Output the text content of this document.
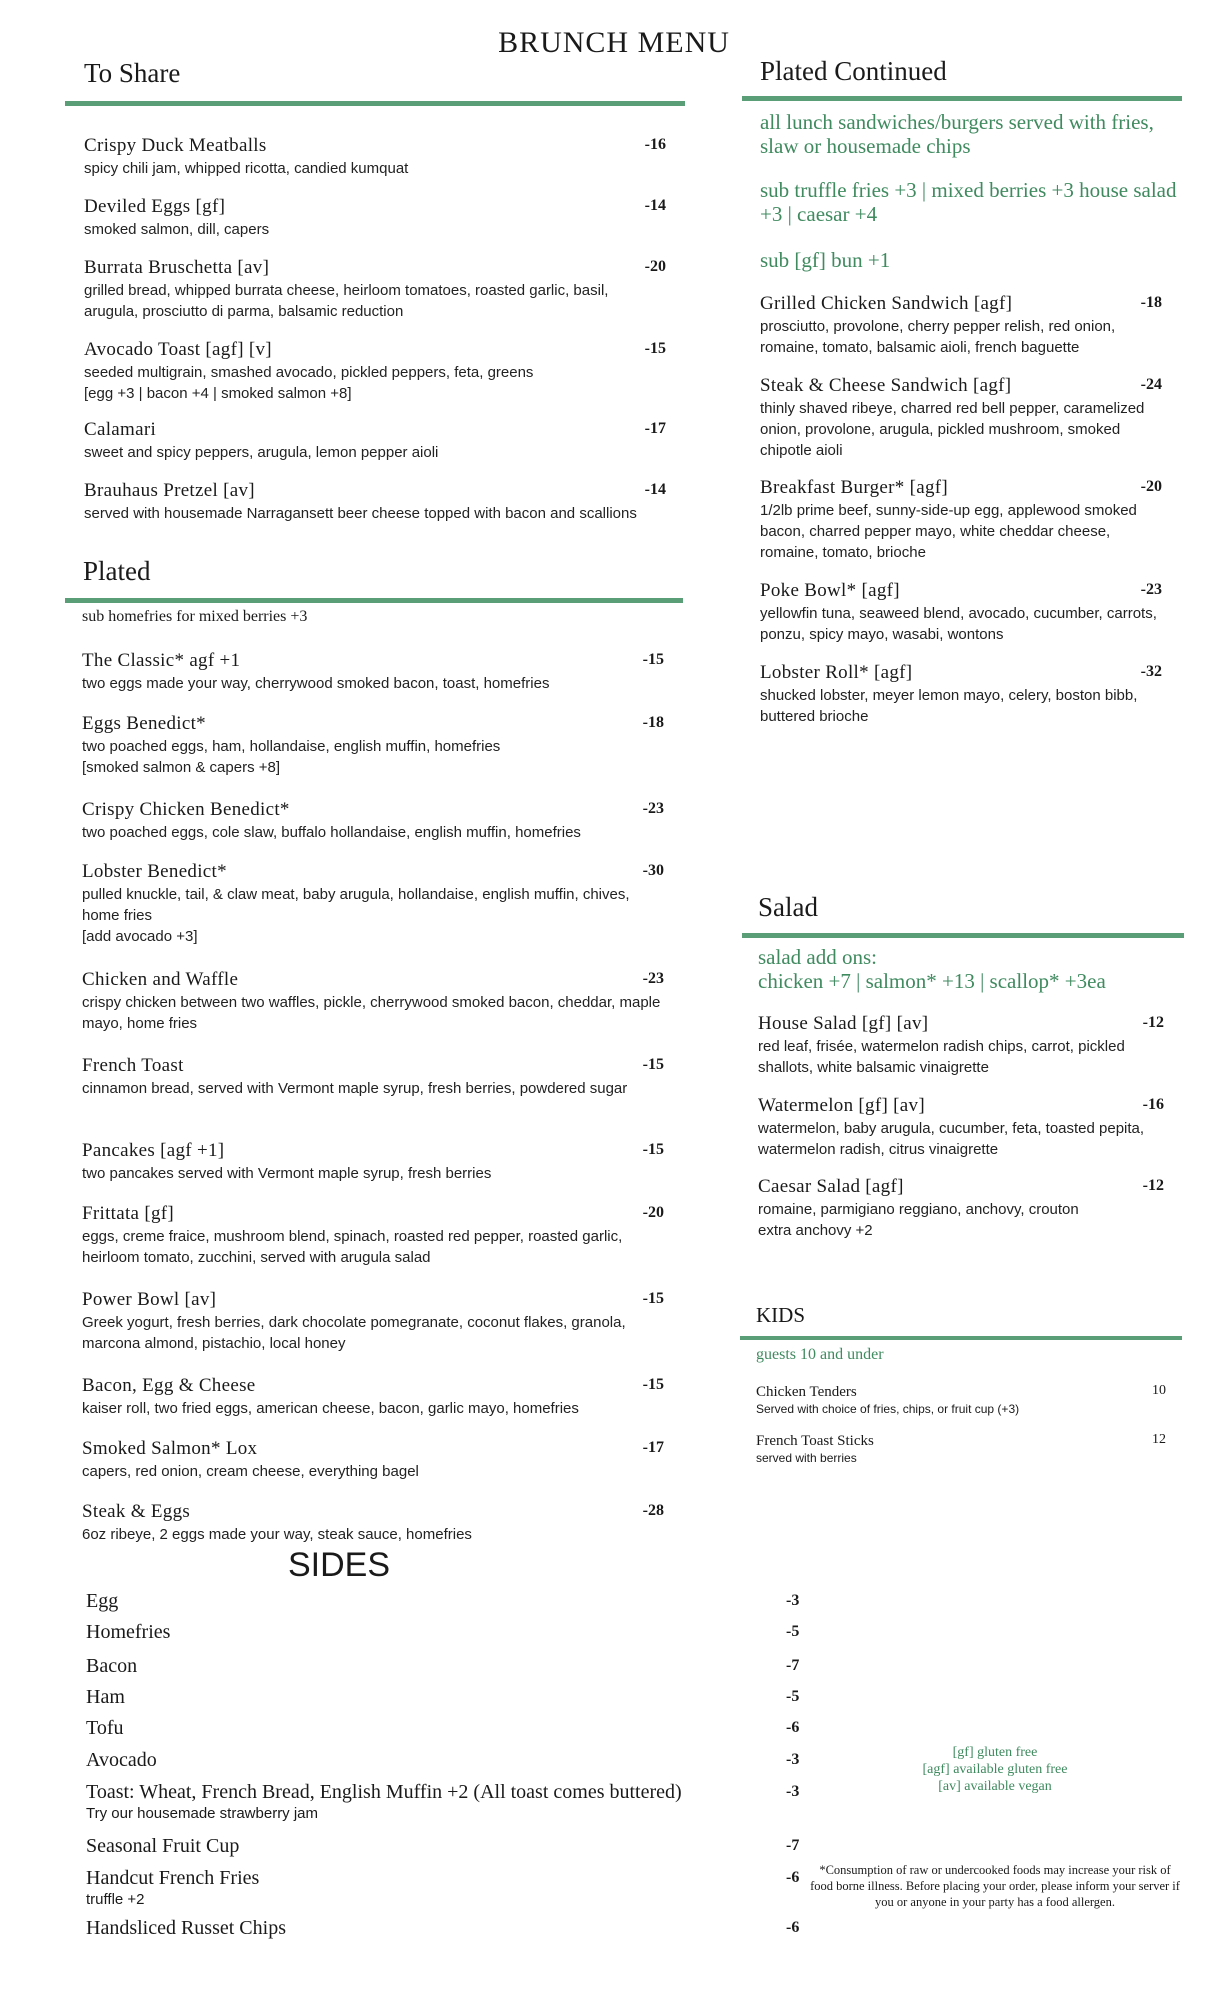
BRUNCH MENU
To Share
Crispy Duck Meatballs	-16
spicy chili jam, whipped ricotta, candied kumquat
Deviled Eggs [gf]	-14
smoked salmon, dill, capers
Burrata Bruschetta [av]	-20
grilled bread, whipped burrata cheese, heirloom tomatoes, roasted garlic, basil, arugula, prosciutto di parma, balsamic reduction
Avocado Toast [agf] [v]	-15
seeded multigrain, smashed avocado, pickled peppers, feta, greens
[egg +3 | bacon +4 | smoked salmon +8]
Calamari	-17
sweet and spicy peppers, arugula, lemon pepper aioli
Brauhaus Pretzel [av]	-14
served with housemade Narragansett beer cheese topped with bacon and scallions
Plated
sub homefries for mixed berries +3
The Classic* agf +1	-15
two eggs made your way, cherrywood smoked bacon, toast, homefries
Eggs Benedict*	-18
two poached eggs, ham, hollandaise, english muffin, homefries
[smoked salmon & capers +8]
Crispy Chicken Benedict*	-23
two poached eggs, cole slaw, buffalo hollandaise, english muffin, homefries
Lobster Benedict*	-30
pulled knuckle, tail, & claw meat, baby arugula, hollandaise, english muffin, chives, home fries
[add avocado +3]
Chicken and Waffle	-23
crispy chicken between two waffles, pickle, cherrywood smoked bacon, cheddar, maple mayo, home fries
French Toast	-15
cinnamon bread, served with Vermont maple syrup, fresh berries, powdered sugar
Pancakes [agf +1]	-15
two pancakes served with Vermont maple syrup, fresh berries
Frittata [gf]	-20
eggs, creme fraice, mushroom blend, spinach, roasted red pepper, roasted garlic, heirloom tomato, zucchini, served with arugula salad
Power Bowl [av]	-15
Greek yogurt, fresh berries, dark chocolate pomegranate, coconut flakes, granola, marcona almond, pistachio, local honey
Bacon, Egg & Cheese	-15
kaiser roll, two fried eggs, american cheese, bacon, garlic mayo, homefries
Smoked Salmon* Lox	-17
capers, red onion, cream cheese, everything bagel
Steak & Eggs	-28
6oz ribeye, 2 eggs made your way, steak sauce, homefries
SIDES
Egg	-3
Homefries	-5
Bacon	-7
Ham	-5
Tofu	-6
Avocado	-3
Toast: Wheat, French Bread, English Muffin +2 (All toast comes buttered)	-3
Try our housemade strawberry jam
Seasonal Fruit Cup	-7
Handcut French Fries	-6
truffle +2
Handsliced Russet Chips	-6
Plated Continued
all lunch sandwiches/burgers served with fries, slaw or housemade chips
sub truffle fries +3 | mixed berries +3 house salad +3 | caesar +4
sub [gf] bun +1
Grilled Chicken Sandwich [agf]	-18
prosciutto, provolone, cherry pepper relish, red onion, romaine, tomato, balsamic aioli, french baguette
Steak & Cheese Sandwich [agf]	-24
thinly shaved ribeye, charred red bell pepper, caramelized onion, provolone, arugula, pickled mushroom, smoked chipotle aioli
Breakfast Burger* [agf]	-20
1/2lb prime beef, sunny-side-up egg, applewood smoked bacon, charred pepper mayo, white cheddar cheese, romaine, tomato, brioche
Poke Bowl* [agf]	-23
yellowfin tuna, seaweed blend, avocado, cucumber, carrots, ponzu, spicy mayo, wasabi, wontons
Lobster Roll* [agf]	-32
shucked lobster, meyer lemon mayo, celery, boston bibb, buttered brioche
Salad
salad add ons:
chicken +7 | salmon* +13 | scallop* +3ea
House Salad [gf] [av]	-12
red leaf, frisée, watermelon radish chips, carrot, pickled shallots, white balsamic vinaigrette
Watermelon [gf] [av]	-16
watermelon, baby arugula, cucumber, feta, toasted pepita, watermelon radish, citrus vinaigrette
Caesar Salad [agf]	-12
romaine, parmigiano reggiano, anchovy, crouton
extra anchovy +2
KIDS
guests 10 and under
Chicken Tenders	10
Served with choice of fries, chips, or fruit cup (+3)
French Toast Sticks	12
served with berries
[gf] gluten free
[agf] available gluten free
[av] available vegan
*Consumption of raw or undercooked foods may increase your risk of food borne illness. Before placing your order, please inform your server if you or anyone in your party has a food allergen.
